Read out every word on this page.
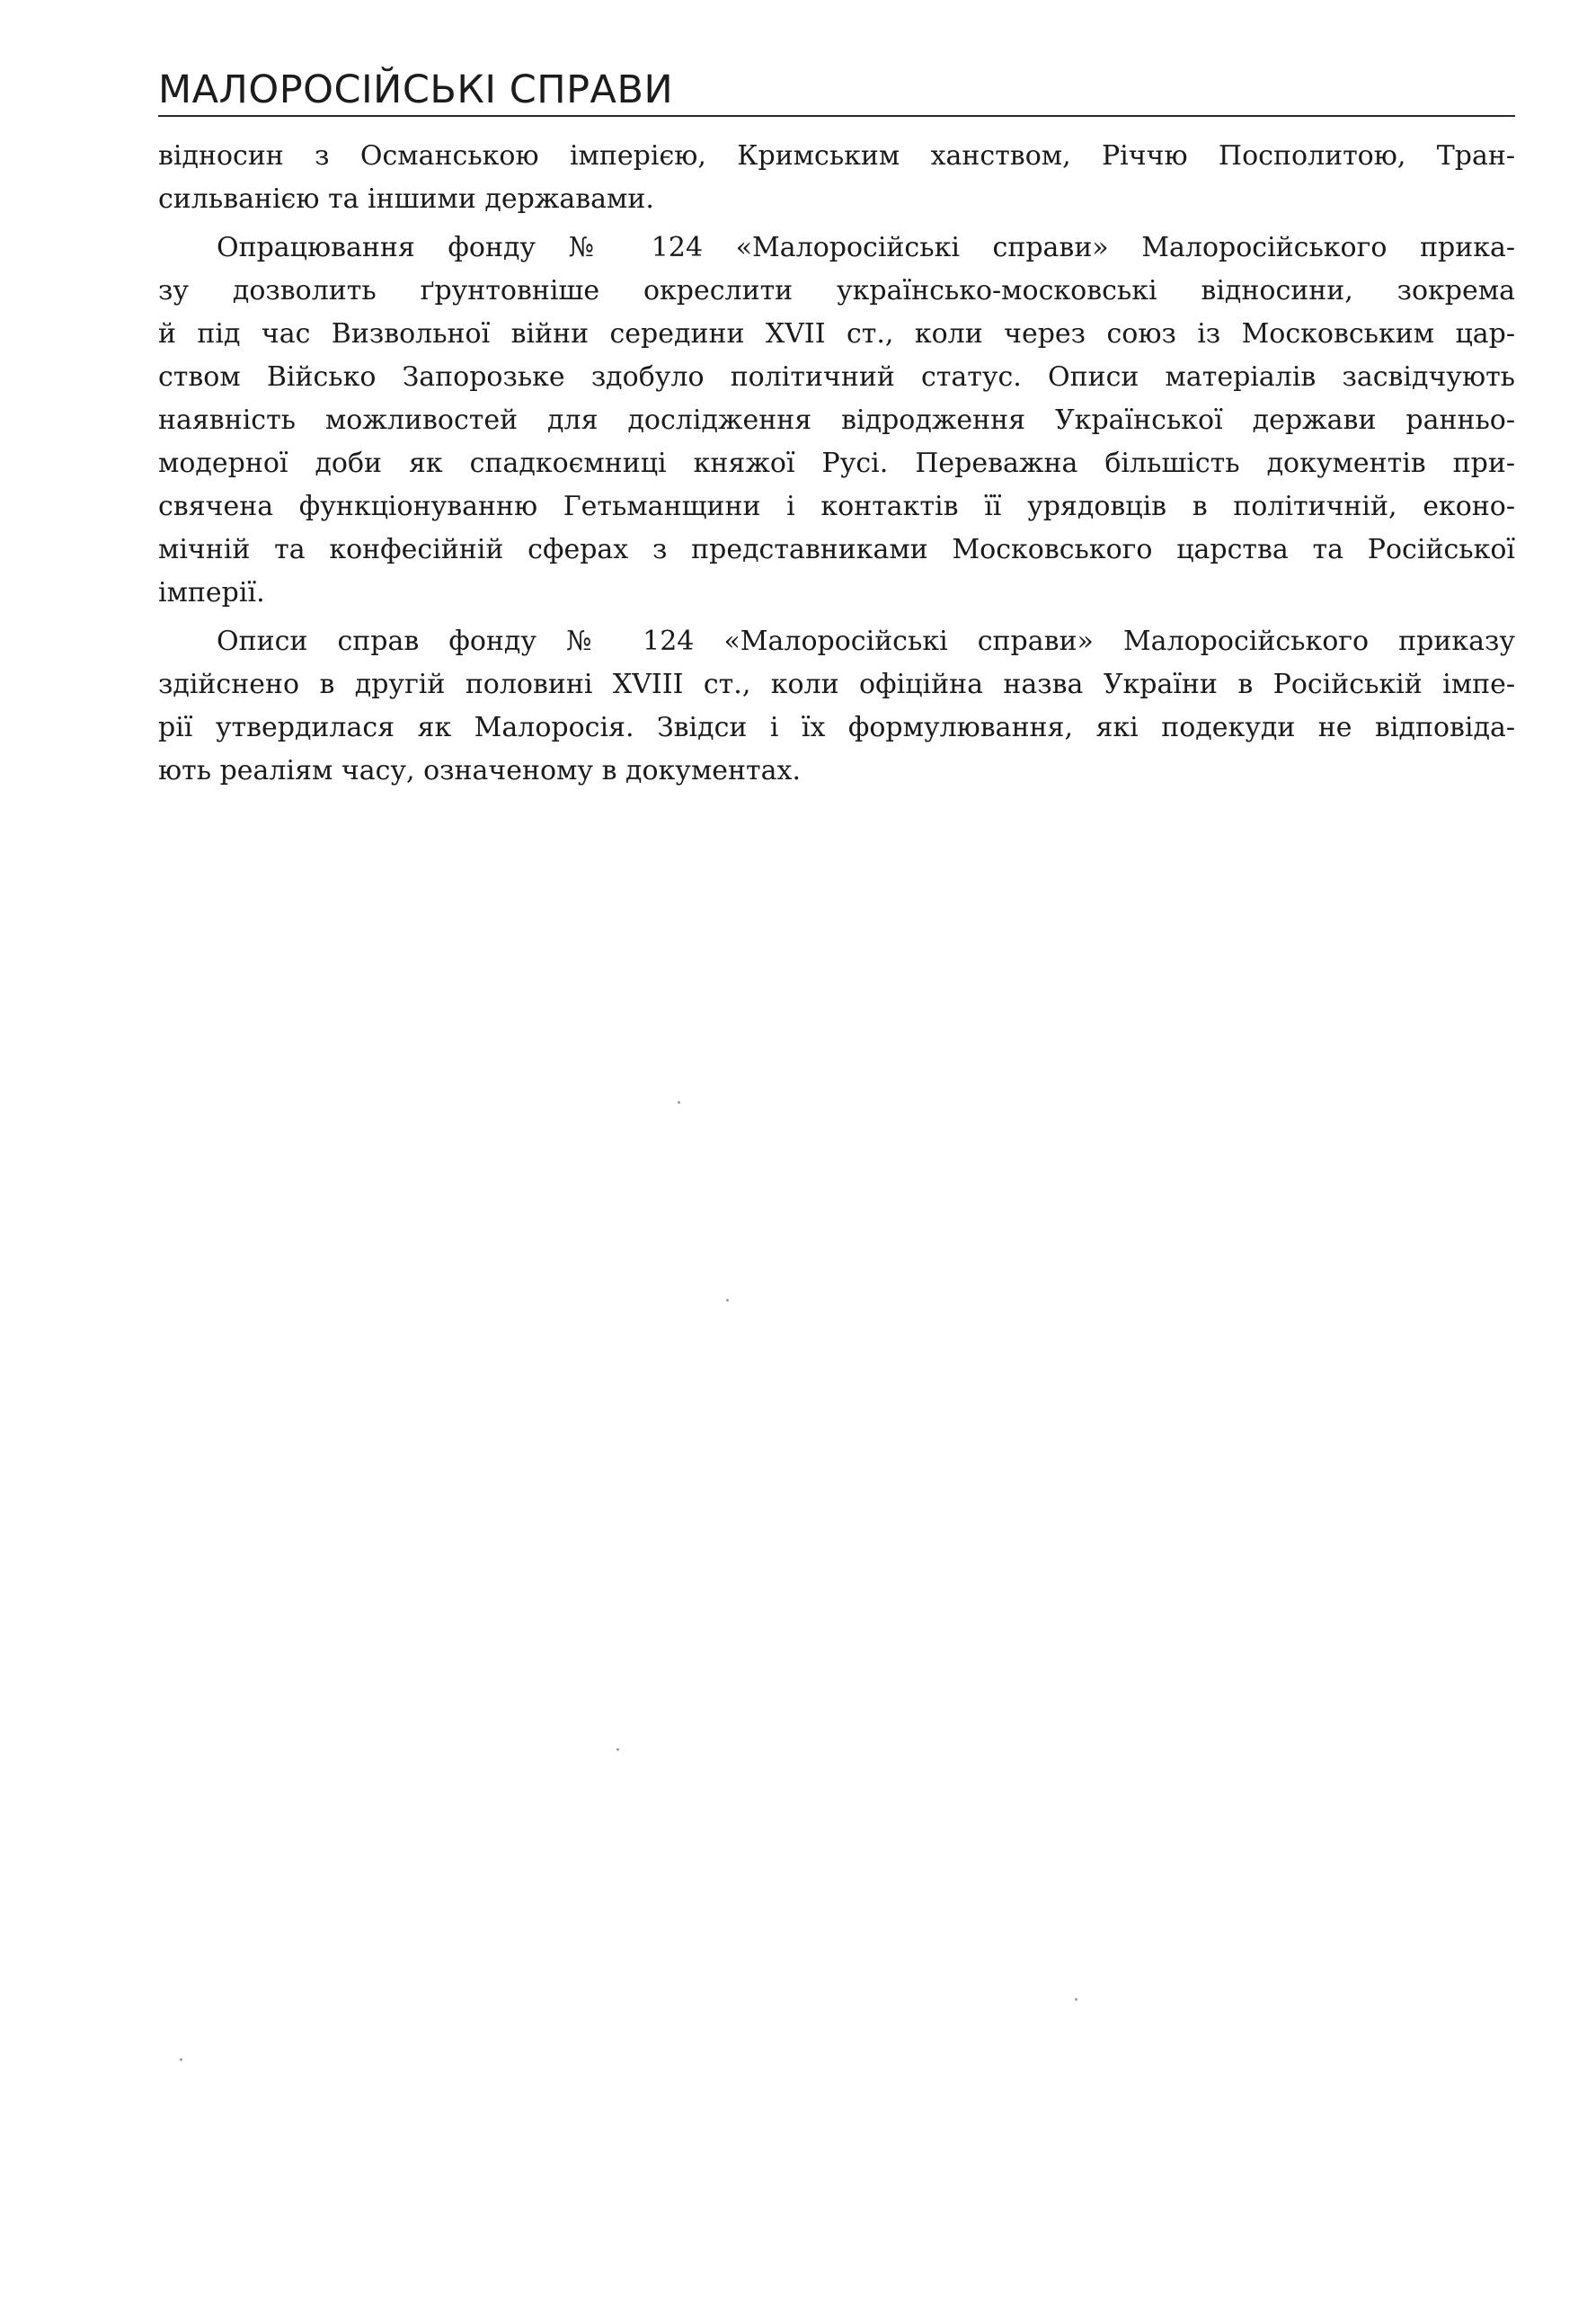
МАЛОРОСІЙСЬКІ СПРАВИ
відносин з Османською імперією, Кримським ханством, Річчю Посполитою, Тран-
сильванією та іншими державами.
Опрацювання фонду № 124 «Малоросійські справи» Малоросійського прика-
зу дозволить ґрунтовніше окреслити українсько-московські відносини, зокрема
й під час Визвольної війни середини XVII ст., коли через союз із Московським цар-
ством Військо Запорозьке здобуло політичний статус. Описи матеріалів засвідчують
наявність можливостей для дослідження відродження Української держави ранньо-
модерної доби як спадкоємниці княжої Русі. Переважна більшість документів при-
свячена функціонуванню Гетьманщини і контактів її урядовців в політичній, еконо-
мічній та конфесійній сферах з представниками Московського царства та Російської
імперії.
Описи справ фонду № 124 «Малоросійські справи» Малоросійського приказу
здійснено в другій половині XVIII ст., коли офіційна назва України в Російській імпе-
рії утвердилася як Малоросія. Звідси і їх формулювання, які подекуди не відповіда-
ють реаліям часу, означеному в документах.
